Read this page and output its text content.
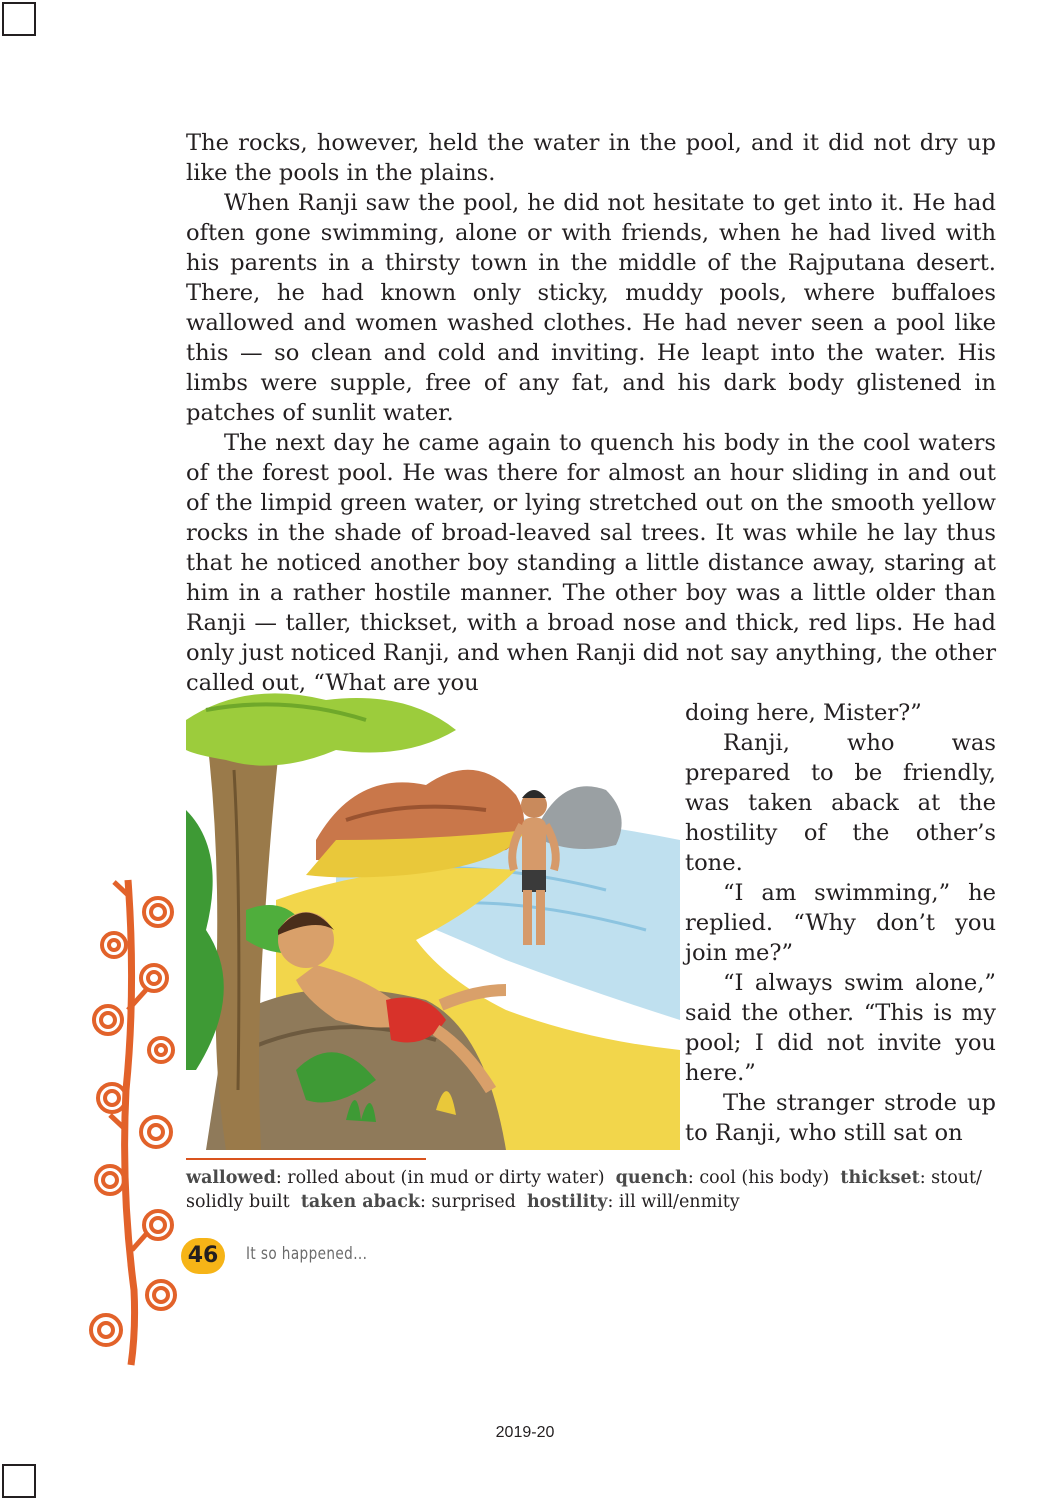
The rocks, however, held the water in the pool, and it did not dry up like the pools in the plains.

When Ranji saw the pool, he did not hesitate to get into it. He had often gone swimming, alone or with friends, when he had lived with his parents in a thirsty town in the middle of the Rajputana desert. There, he had known only sticky, muddy pools, where buffaloes wallowed and women washed clothes. He had never seen a pool like this — so clean and cold and inviting. He leapt into the water. His limbs were supple, free of any fat, and his dark body glistened in patches of sunlit water.

The next day he came again to quench his body in the cool waters of the forest pool. He was there for almost an hour sliding in and out of the limpid green water, or lying stretched out on the smooth yellow rocks in the shade of broad-leaved sal trees. It was while he lay thus that he noticed another boy standing a little distance away, staring at him in a rather hostile manner. The other boy was a little older than Ranji — taller, thickset, with a broad nose and thick, red lips. He had only just noticed Ranji, and when Ranji did not say anything, the other called out, “What are you

doing here, Mister?”

Ranji, who was prepared to be friendly, was taken aback at the hostility of the other’s tone.

“I am swimming,” he replied. “Why don’t you join me?”

“I always swim alone,” said the other. “This is my pool; I did not invite you here.”

The stranger strode up to Ranji, who still sat on

wallowed: rolled about (in mud or dirty water) quench: cool (his body) thickset: stout/ solidly built taken aback: surprised hostility: ill will/enmity
46	It so happened...
2019-20
